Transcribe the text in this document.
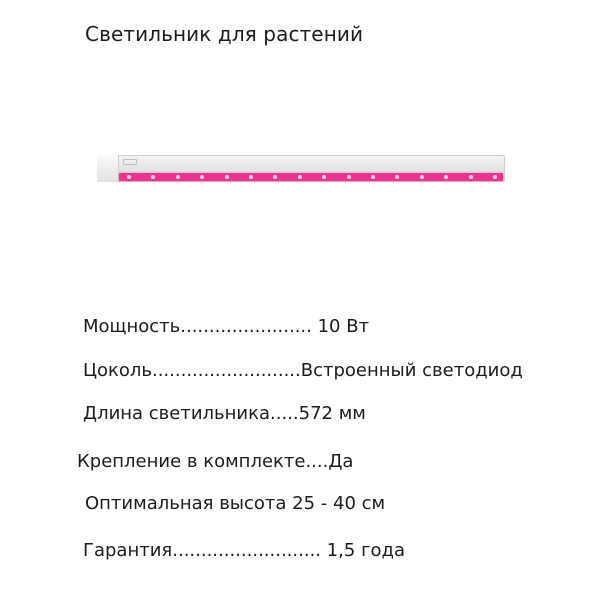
Светильник для растений
Мощность....................... 10 Вт
Цоколь..........................Встроенный светодиод
Длина светильника.....572 мм
Крепление в комплекте....Да
Оптимальная высота 25 - 40 см
Гарантия.......................... 1,5 года
